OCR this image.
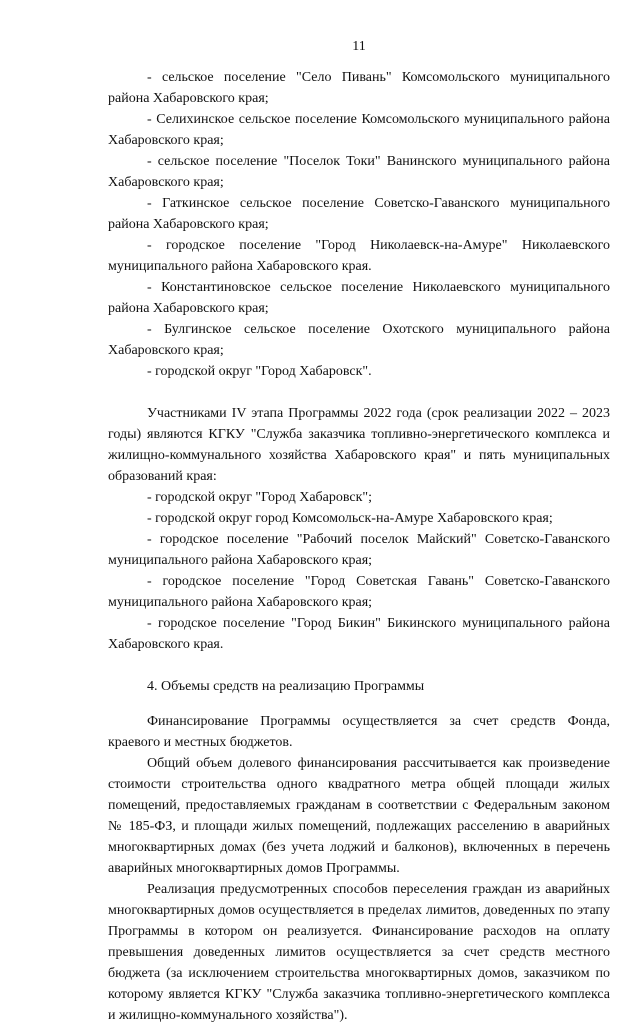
11

- сельское поселение "Село Пивань" Комсомольского муниципального района Хабаровского края;

- Селихинское сельское поселение Комсомольского муниципального района Хабаровского края;

- сельское поселение "Поселок Токи" Ванинского муниципального района Хабаровского края;

- Гаткинское сельское поселение Советско-Гаванского муниципального района Хабаровского края;

- городское поселение "Город Николаевск-на-Амуре" Николаевского муниципального района Хабаровского края.

- Константиновское сельское поселение Николаевского муниципального района Хабаровского края;

- Булгинское сельское поселение Охотского муниципального района Хабаровского края;

- городской округ "Город Хабаровск".

Участниками IV этапа Программы 2022 года (срок реализации 2022 – 2023 годы) являются КГКУ "Служба заказчика топливно-энергетического комплекса и жилищно-коммунального хозяйства Хабаровского края" и пять муниципальных образований края:

- городской округ "Город Хабаровск";

- городской округ город Комсомольск-на-Амуре Хабаровского края;

- городское поселение "Рабочий поселок Майский" Советско-Гаванского муниципального района Хабаровского края;

- городское поселение "Город Советская Гавань" Советско-Гаванского муниципального района Хабаровского края;

- городское поселение "Город Бикин" Бикинского муниципального района Хабаровского края.

4. Объемы средств на реализацию Программы

Финансирование Программы осуществляется за счет средств Фонда, краевого и местных бюджетов.

Общий объем долевого финансирования рассчитывается как произведение стоимости строительства одного квадратного метра общей площади жилых помещений, предоставляемых гражданам в соответствии с Федеральным законом № 185-ФЗ, и площади жилых помещений, подлежащих расселению в аварийных многоквартирных домах (без учета лоджий и балконов), включенных в перечень аварийных многоквартирных домов Программы.

Реализация предусмотренных способов переселения граждан из аварийных многоквартирных домов осуществляется в пределах лимитов, доведенных по этапу Программы в котором он реализуется. Финансирование расходов на оплату превышения доведенных лимитов осуществляется за счет средств местного бюджета (за исключением строительства многоквартирных домов, заказчиком по которому является КГКУ "Служба заказчика топливно-энергетического комплекса и жилищно-коммунального хозяйства").
